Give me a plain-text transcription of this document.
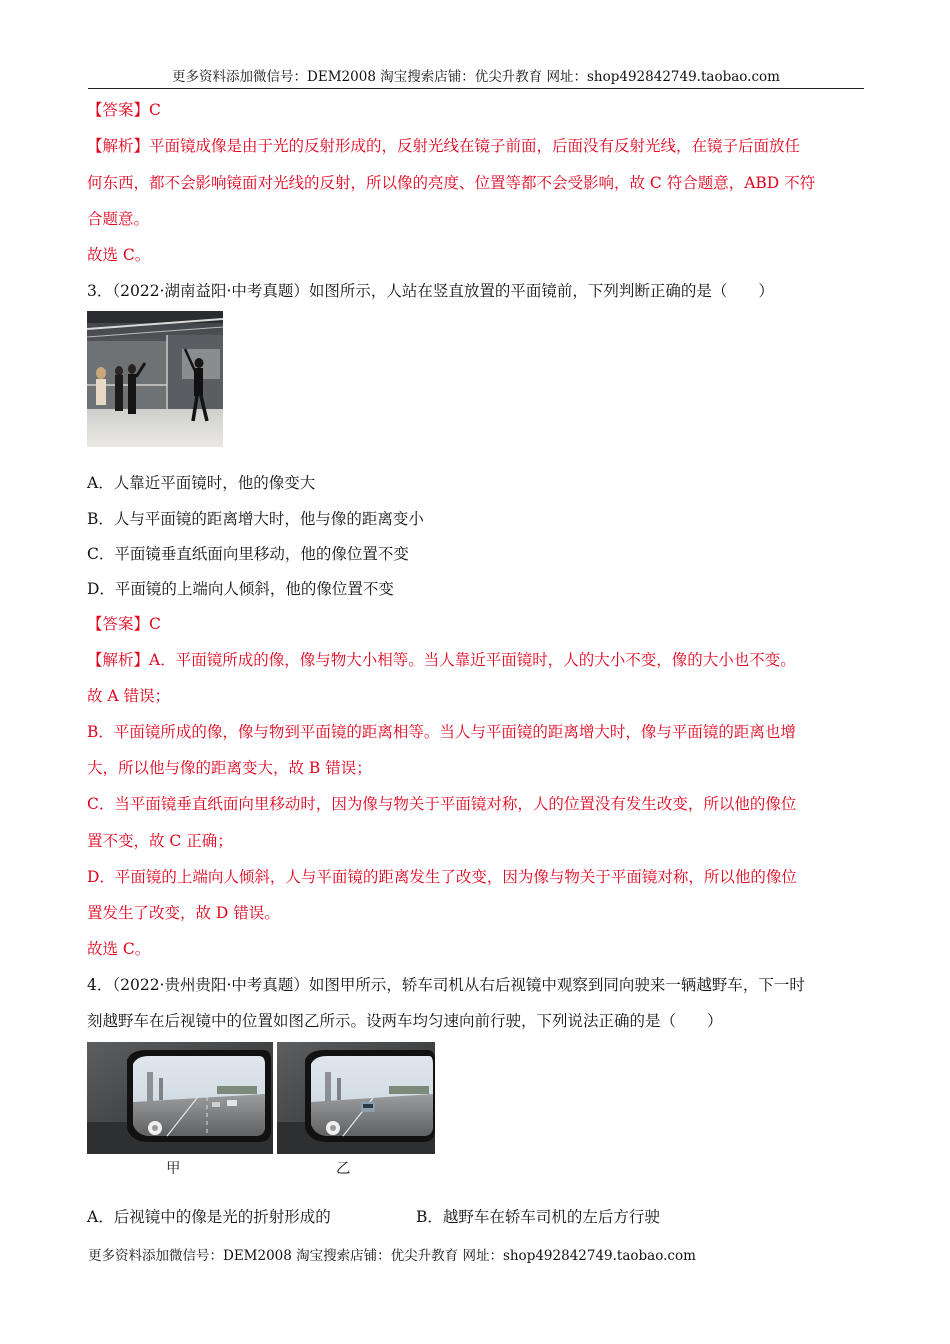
更多资料添加微信号：DEM2008 淘宝搜索店铺：优尖升教育 网址：shop492842749.taobao.com
【答案】C
【解析】平面镜成像是由于光的反射形成的，反射光线在镜子前面，后面没有反射光线，在镜子后面放任
何东西，都不会影响镜面对光线的反射，所以像的亮度、位置等都不会受影响，故 C 符合题意，ABD 不符
合题意。
故选 C。
3．（2022·湖南益阳·中考真题）如图所示，人站在竖直放置的平面镜前，下列判断正确的是（　　）
A．人靠近平面镜时，他的像变大
B．人与平面镜的距离增大时，他与像的距离变小
C．平面镜垂直纸面向里移动，他的像位置不变
D．平面镜的上端向人倾斜，他的像位置不变
【答案】C
【解析】A．平面镜所成的像，像与物大小相等。当人靠近平面镜时，人的大小不变，像的大小也不变。
故 A 错误；
B．平面镜所成的像，像与物到平面镜的距离相等。当人与平面镜的距离增大时，像与平面镜的距离也增
大，所以他与像的距离变大，故 B 错误；
C．当平面镜垂直纸面向里移动时，因为像与物关于平面镜对称，人的位置没有发生改变，所以他的像位
置不变，故 C 正确；
D．平面镜的上端向人倾斜，人与平面镜的距离发生了改变，因为像与物关于平面镜对称，所以他的像位
置发生了改变，故 D 错误。
故选 C。
4．（2022·贵州贵阳·中考真题）如图甲所示，轿车司机从右后视镜中观察到同向驶来一辆越野车，下一时
刻越野车在后视镜中的位置如图乙所示。设两车均匀速向前行驶，下列说法正确的是（　　）
甲	乙
A．后视镜中的像是光的折射形成的	B．越野车在轿车司机的左后方行驶
更多资料添加微信号：DEM2008 淘宝搜索店铺：优尖升教育 网址：shop492842749.taobao.com
